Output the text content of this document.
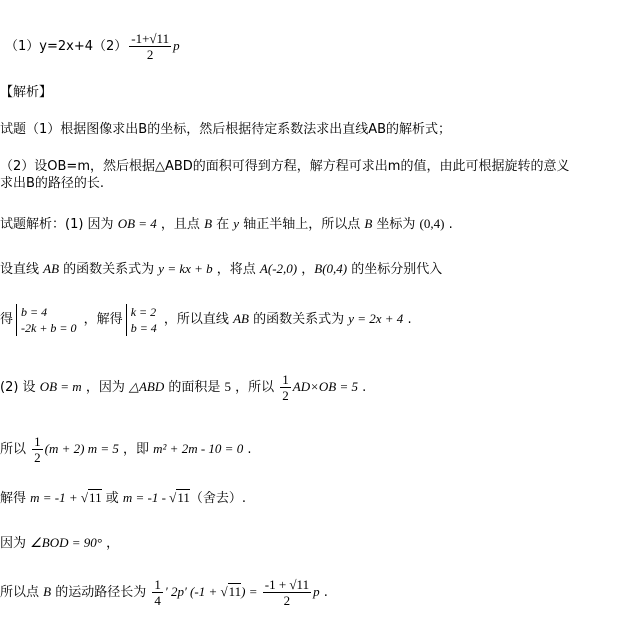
$(1)y=2x+4(2) \frac{-1+√11}{2}$ p
【解析】
试题（1）根据图像求出B的坐标，然后根据待定系数法求出直线AB的解析式；
（2）设OB=m，然后根据△ABD的面积可得到方程，解方程可求出m的值，由此可根据旋转的意义
求出B的路径的长.
试题解析：(1) 因为 OB = 4 ，且点 B 在 y 轴正半轴上，所以点 B 坐标为 (0,4) .
设直线 AB 的函数关系式为 y = kx + b ，将点 A(-2,0) ，B(0,4) 的坐标分别代入
得
b = 4
-2k + b = 0
，解得
k = 2
b = 4
，所以直线 AB 的函数关系式为 y = 2x + 4 .
(2) 设 OB = m ，因为 △ABD 的面积是 5 ，所以 $\frac{1}{2} AD\times OB = 5$ .
所以 $\frac{1}{2} (m + 2) m = 5$ ，即 m² + 2m - 10 = 0 .
解得 m = -1 + √11 或 m = -1 - √11（舍去）.
因为 ∠BOD = 90° ，
所以点 B 的运动路径长为 $\frac{1}{4}$ ′ 2p′ $(-1 + √11) = \frac{-1 + √11}{2}$ p .
